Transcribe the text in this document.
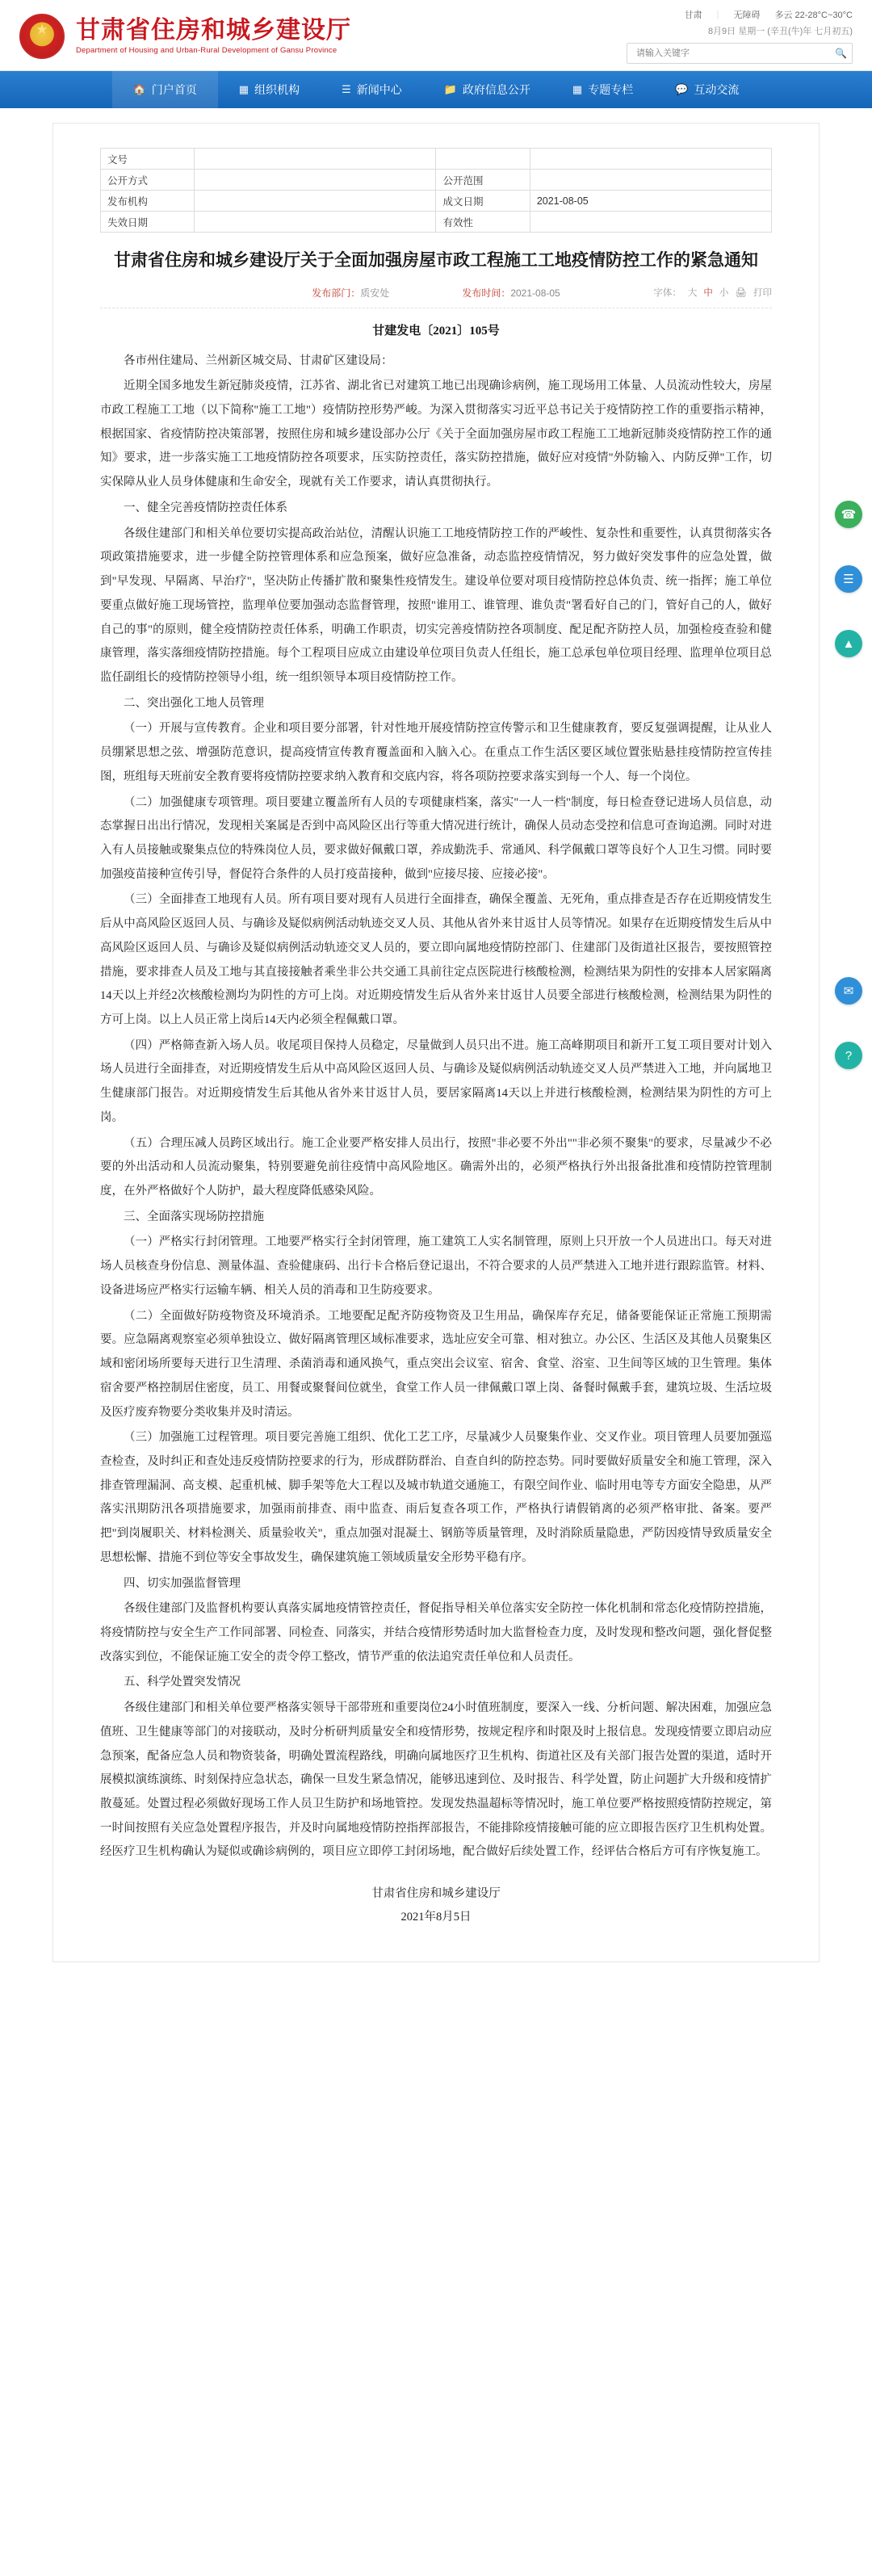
★
甘肃省住房和城乡建设厅
Department of Housing and Urban-Rural Development of Gansu Province
甘肃 | 无障碍 多云 22-28°C~30°C
8月9日 星期一 (辛丑(牛)年 七月初五)
请输入关键字
🔍
🏠 门户首页	▦ 组织机构	☰ 新闻中心	📁 政府信息公开	▦ 专题专栏	💬 互动交流
文号			
公开方式		公开范围	
发布机构		成文日期	2021-08-05
失效日期		有效性	
甘肃省住房和城乡建设厅关于全面加强房屋市政工程施工工地疫情防控工作的紧急通知
发布部门：质安处	发布时间：2021-08-05	字体： 大 中 小 🖨 打印
甘建发电〔2021〕105号

各市州住建局、兰州新区城交局、甘肃矿区建设局：

近期全国多地发生新冠肺炎疫情，江苏省、湖北省已对建筑工地已出现确诊病例，施工现场用工体量、人员流动性较大，房屋市政工程施工工地（以下简称"施工工地"）疫情防控形势严峻。为深入贯彻落实习近平总书记关于疫情防控工作的重要指示精神，根据国家、省疫情防控决策部署，按照住房和城乡建设部办公厅《关于全面加强房屋市政工程施工工地新冠肺炎疫情防控工作的通知》要求，进一步落实施工工地疫情防控各项要求，压实防控责任，落实防控措施，做好应对疫情"外防输入、内防反弹"工作，切实保障从业人员身体健康和生命安全，现就有关工作要求，请认真贯彻执行。

一、健全完善疫情防控责任体系

各级住建部门和相关单位要切实提高政治站位，清醒认识施工工地疫情防控工作的严峻性、复杂性和重要性，认真贯彻落实各项政策措施要求，进一步健全防控管理体系和应急预案，做好应急准备，动态监控疫情情况，努力做好突发事件的应急处置，做到"早发现、早隔离、早治疗"，坚决防止传播扩散和聚集性疫情发生。建设单位要对项目疫情防控总体负责、统一指挥；施工单位要重点做好施工现场管控，监理单位要加强动态监督管理，按照"谁用工、谁管理、谁负责"署看好自己的门，管好自己的人，做好自己的事"的原则，健全疫情防控责任体系，明确工作职责，切实完善疫情防控各项制度、配足配齐防控人员，加强检疫查验和健康管理，落实落细疫情防控措施。每个工程项目应成立由建设单位项目负责人任组长，施工总承包单位项目经理、监理单位项目总监任副组长的疫情防控领导小组，统一组织领导本项目疫情防控工作。

二、突出强化工地人员管理

（一）开展与宣传教育。企业和项目要分部署，针对性地开展疫情防控宣传警示和卫生健康教育，要反复强调提醒，让从业人员绷紧思想之弦、增强防范意识，提高疫情宣传教育覆盖面和入脑入心。在重点工作生活区要区域位置张贴悬挂疫情防控宣传挂图，班组每天班前安全教育要将疫情防控要求纳入教育和交底内容，将各项防控要求落实到每一个人、每一个岗位。

（二）加强健康专项管理。项目要建立覆盖所有人员的专项健康档案，落实"一人一档"制度，每日检查登记进场人员信息，动态掌握日出出行情况，发现相关案属是否到中高风险区出行等重大情况进行统计，确保人员动态受控和信息可查询追溯。同时对进入有人员接触或聚集点位的特殊岗位人员，要求做好佩戴口罩，养成勤洗手、常通风、科学佩戴口罩等良好个人卫生习惯。同时要加强疫苗接种宣传引导，督促符合条件的人员打疫苗接种，做到"应接尽接、应接必接"。

（三）全面排查工地现有人员。所有项目要对现有人员进行全面排查，确保全覆盖、无死角，重点排查是否存在近期疫情发生后从中高风险区返回人员、与确诊及疑似病例活动轨迹交叉人员、其他从省外来甘返甘人员等情况。如果存在近期疫情发生后从中高风险区返回人员、与确诊及疑似病例活动轨迹交叉人员的，要立即向属地疫情防控部门、住建部门及街道社区报告，要按照管控措施，要求排查人员及工地与其直接接触者乘坐非公共交通工具前往定点医院进行核酸检测，检测结果为阴性的安排本人居家隔离14天以上并经2次核酸检测均为阴性的方可上岗。对近期疫情发生后从省外来甘返甘人员要全部进行核酸检测，检测结果为阴性的方可上岗。以上人员正常上岗后14天内必须全程佩戴口罩。

（四）严格筛查新入场人员。收尾项目保持人员稳定，尽量做到人员只出不进。施工高峰期项目和新开工复工项目要对计划入场人员进行全面排查，对近期疫情发生后从中高风险区返回人员、与确诊及疑似病例活动轨迹交叉人员严禁进入工地，并向属地卫生健康部门报告。对近期疫情发生后其他从省外来甘返甘人员，要居家隔离14天以上并进行核酸检测，检测结果为阴性的方可上岗。

（五）合理压减人员跨区域出行。施工企业要严格安排人员出行，按照"非必要不外出""非必须不聚集"的要求，尽量减少不必要的外出活动和人员流动聚集，特别要避免前往疫情中高风险地区。确需外出的，必须严格执行外出报备批准和疫情防控管理制度，在外严格做好个人防护，最大程度降低感染风险。

三、全面落实现场防控措施

（一）严格实行封闭管理。工地要严格实行全封闭管理，施工建筑工人实名制管理，原则上只开放一个人员进出口。每天对进场人员核查身份信息、测量体温、查验健康码、出行卡合格后登记退出，不符合要求的人员严禁进入工地并进行跟踪监管。材料、设备进场应严格实行运输车辆、相关人员的消毒和卫生防疫要求。

（二）全面做好防疫物资及环境消杀。工地要配足配齐防疫物资及卫生用品，确保库存充足，储备要能保证正常施工预期需要。应急隔离观察室必须单独设立、做好隔离管理区域标准要求，选址应安全可靠、相对独立。办公区、生活区及其他人员聚集区域和密闭场所要每天进行卫生清理、杀菌消毒和通风换气，重点突出会议室、宿舍、食堂、浴室、卫生间等区域的卫生管理。集体宿舍要严格控制居住密度，员工、用餐或聚餐间位就坐，食堂工作人员一律佩戴口罩上岗、备餐时佩戴手套，建筑垃圾、生活垃圾及医疗废弃物要分类收集并及时清运。

（三）加强施工过程管理。项目要完善施工组织、优化工艺工序，尽量减少人员聚集作业、交叉作业。项目管理人员要加强巡查检查，及时纠正和查处违反疫情防控要求的行为，形成群防群治、自查自纠的防控态势。同时要做好质量安全和施工管理，深入排查管理漏洞、高支模、起重机械、脚手架等危大工程以及城市轨道交通施工，有限空间作业、临时用电等专方面安全隐患，从严落实汛期防汛各项措施要求，加强雨前排查、雨中监查、雨后复查各项工作，严格执行请假销离的必须严格审批、备案。要严把"到岗履职关、材料检测关、质量验收关"，重点加强对混凝土、钢筋等质量管理，及时消除质量隐患，严防因疫情导致质量安全思想松懈、措施不到位等安全事故发生，确保建筑施工领域质量安全形势平稳有序。

四、切实加强监督管理

各级住建部门及监督机构要认真落实属地疫情管控责任，督促指导相关单位落实安全防控一体化机制和常态化疫情防控措施，将疫情防控与安全生产工作同部署、同检查、同落实，并结合疫情形势适时加大监督检查力度，及时发现和整改问题，强化督促整改落实到位，不能保证施工安全的责令停工整改，情节严重的依法追究责任单位和人员责任。

五、科学处置突发情况

各级住建部门和相关单位要严格落实领导干部带班和重要岗位24小时值班制度，要深入一线、分析问题、解决困难，加强应急值班、卫生健康等部门的对接联动，及时分析研判质量安全和疫情形势，按规定程序和时限及时上报信息。发现疫情要立即启动应急预案，配备应急人员和物资装备，明确处置流程路线，明确向属地医疗卫生机构、街道社区及有关部门报告处置的渠道，适时开展模拟演练演练、时刻保持应急状态，确保一旦发生紧急情况，能够迅速到位、及时报告、科学处置，防止问题扩大升级和疫情扩散蔓延。处置过程必须做好现场工作人员卫生防护和场地管控。发现发热温超标等情况时，施工单位要严格按照疫情防控规定，第一时间按照有关应急处置程序报告，并及时向属地疫情防控指挥部报告，不能排除疫情接触可能的应立即报告医疗卫生机构处置。经医疗卫生机构确认为疑似或确诊病例的，项目应立即停工封闭场地，配合做好后续处置工作，经评估合格后方可有序恢复施工。

甘肃省住房和城乡建设厅

2021年8月5日

☎
☰
▲
✉
?
